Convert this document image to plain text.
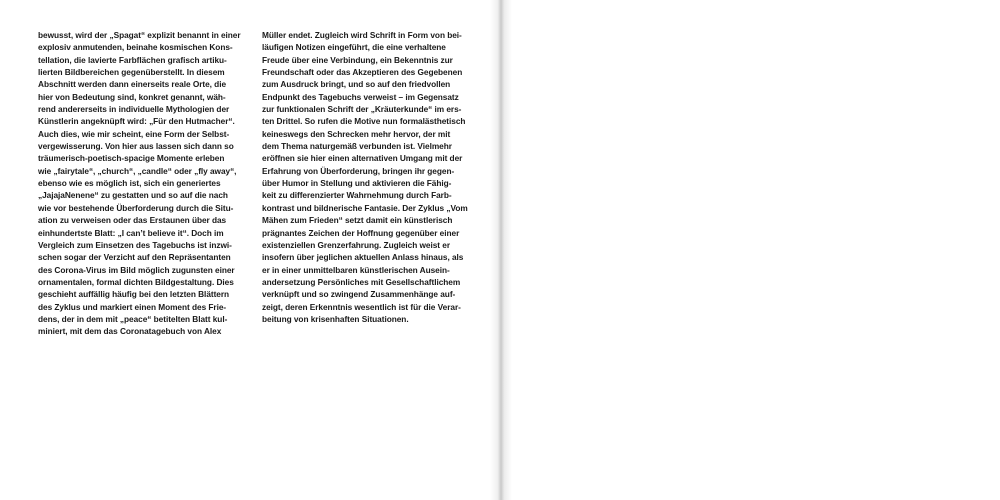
bewusst, wird der „Spagat“ explizit benannt in einer
explosiv anmutenden, beinahe kosmischen Kons-
tellation, die lavierte Farbflächen grafisch artiku-
lierten Bildbereichen gegenüberstellt. In diesem
Abschnitt werden dann einerseits reale Orte, die
hier von Bedeutung sind, konkret genannt, wäh-
rend andererseits in individuelle Mythologien der
Künstlerin angeknüpft wird: „Für den Hutmacher“.
Auch dies, wie mir scheint, eine Form der Selbst-
vergewisserung. Von hier aus lassen sich dann so
träumerisch-poetisch-spacige Momente erleben
wie „fairytale“, „church“, „candle“ oder „fly away“,
ebenso wie es möglich ist, sich ein generiertes
„JajajaNenene“ zu gestatten und so auf die nach
wie vor bestehende Überforderung durch die Situ-
ation zu verweisen oder das Erstaunen über das
einhundertste Blatt: „I can’t believe it“. Doch im
Vergleich zum Einsetzen des Tagebuchs ist inzwi-
schen sogar der Verzicht auf den Repräsentanten
des Corona-Virus im Bild möglich zugunsten einer
ornamentalen, formal dichten Bildgestaltung. Dies
geschieht auffällig häufig bei den letzten Blättern
des Zyklus und markiert einen Moment des Frie-
dens, der in dem mit „peace“ betitelten Blatt kul-
miniert, mit dem das Coronatagebuch von Alex
Müller endet. Zugleich wird Schrift in Form von bei-
läufigen Notizen eingeführt, die eine verhaltene
Freude über eine Verbindung, ein Bekenntnis zur
Freundschaft oder das Akzeptieren des Gegebenen
zum Ausdruck bringt, und so auf den friedvollen
Endpunkt des Tagebuchs verweist – im Gegensatz
zur funktionalen Schrift der „Kräuterkunde“ im ers-
ten Drittel. So rufen die Motive nun formalästhetisch
keineswegs den Schrecken mehr hervor, der mit
dem Thema naturgemäß verbunden ist. Vielmehr
eröffnen sie hier einen alternativen Umgang mit der
Erfahrung von Überforderung, bringen ihr gegen-
über Humor in Stellung und aktivieren die Fähig-
keit zu differenzierter Wahrnehmung durch Farb-
kontrast und bildnerische Fantasie. Der Zyklus „Vom
Mähen zum Frieden“ setzt damit ein künstlerisch
prägnantes Zeichen der Hoffnung gegenüber einer
existenziellen Grenzerfahrung. Zugleich weist er
insofern über jeglichen aktuellen Anlass hinaus, als
er in einer unmittelbaren künstlerischen Ausein-
andersetzung Persönliches mit Gesellschaftlichem
verknüpft und so zwingend Zusammenhänge auf-
zeigt, deren Erkenntnis wesentlich ist für die Verar-
beitung von krisenhaften Situationen.
